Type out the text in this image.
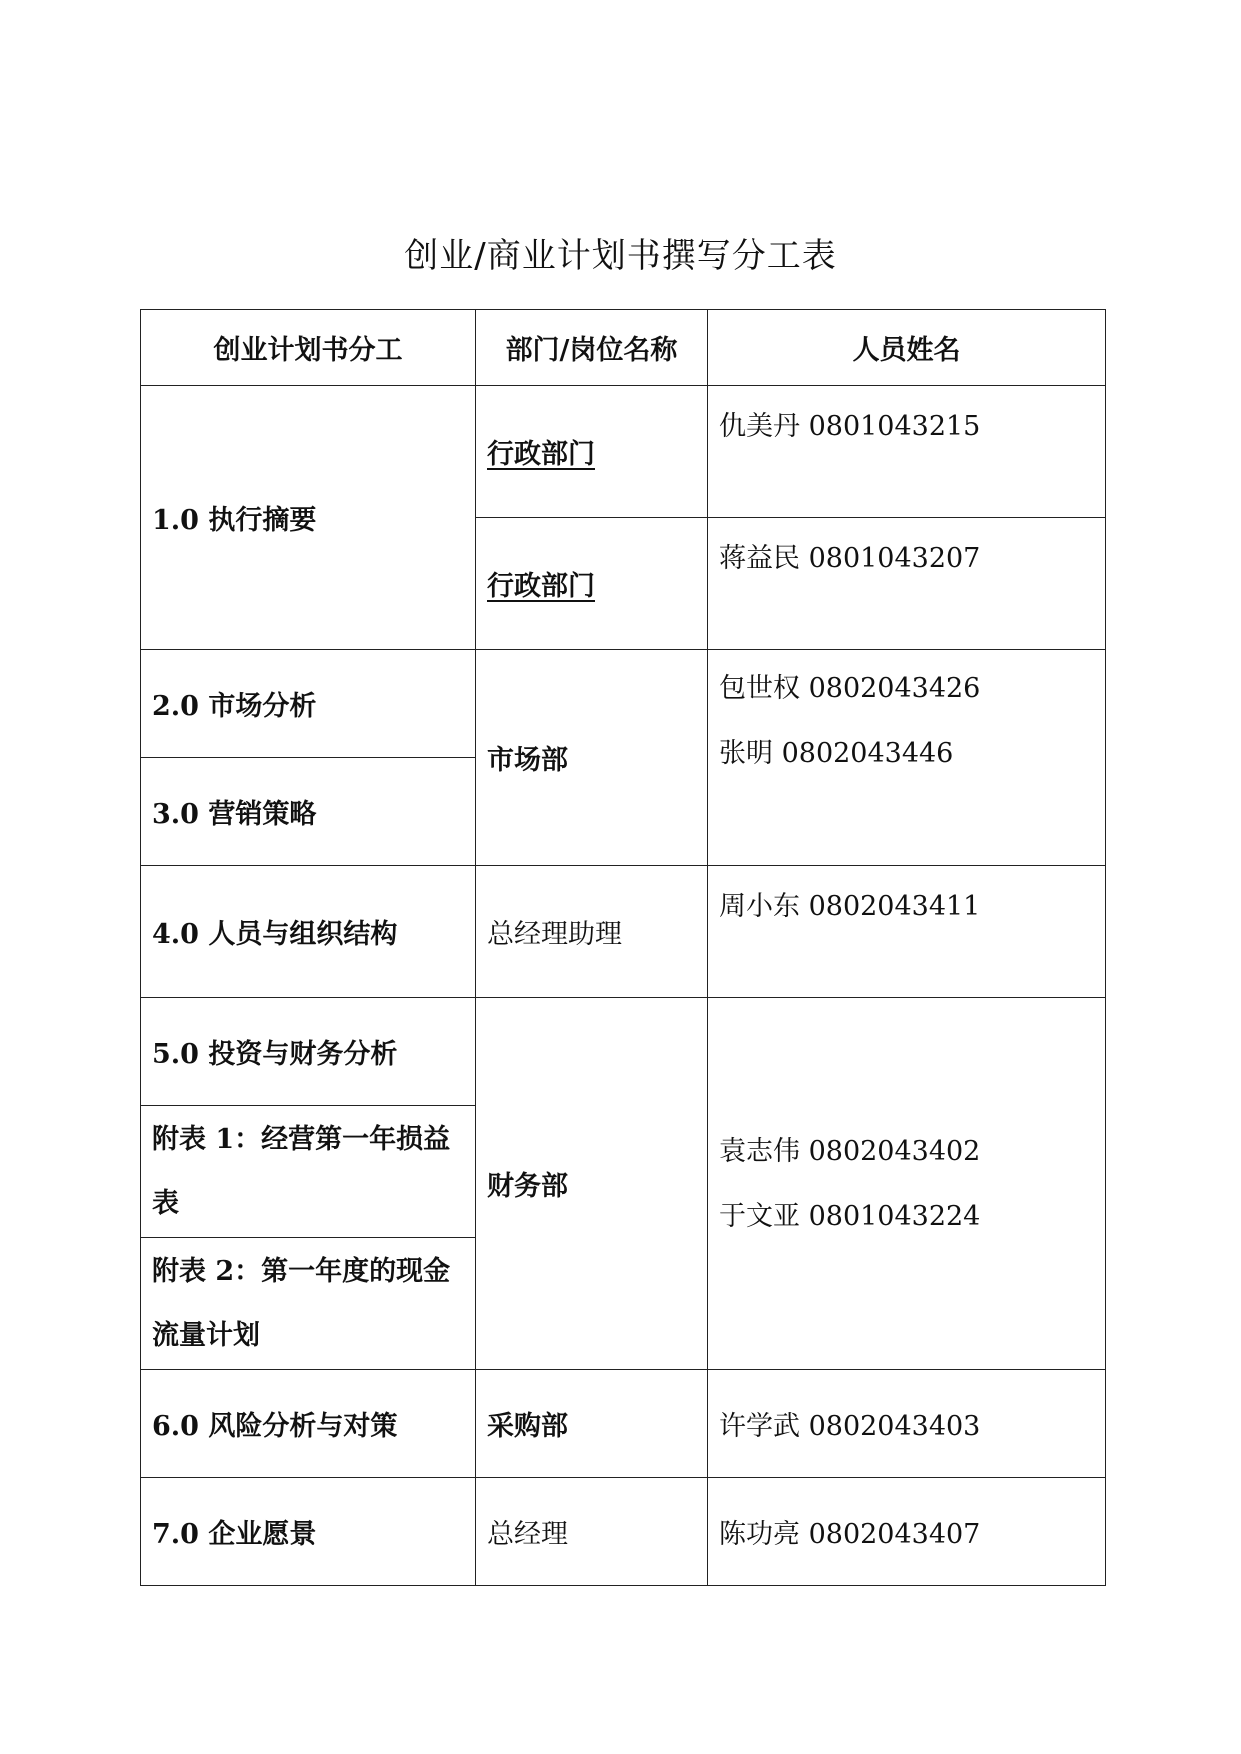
创业/商业计划书撰写分工表
创业计划书分工	部门/岗位名称	人员姓名
1.0 执行摘要	行政部门	仇美丹 0801043215
	行政部门	蒋益民 0801043207
2.0 市场分析	市场部	包世权 0802043426
张明 0802043446

3.0 营销策略		
4.0 人员与组织结构	总经理助理	周小东 0802043411
5.0 投资与财务分析	财务部	袁志伟 0802043402
于文亚 0801043224

附表 1：经营第一年损益表		
附表 2：第一年度的现金流量计划		
6.0 风险分析与对策	采购部	许学武 0802043403
7.0 企业愿景	总经理	陈功亮 0802043407
